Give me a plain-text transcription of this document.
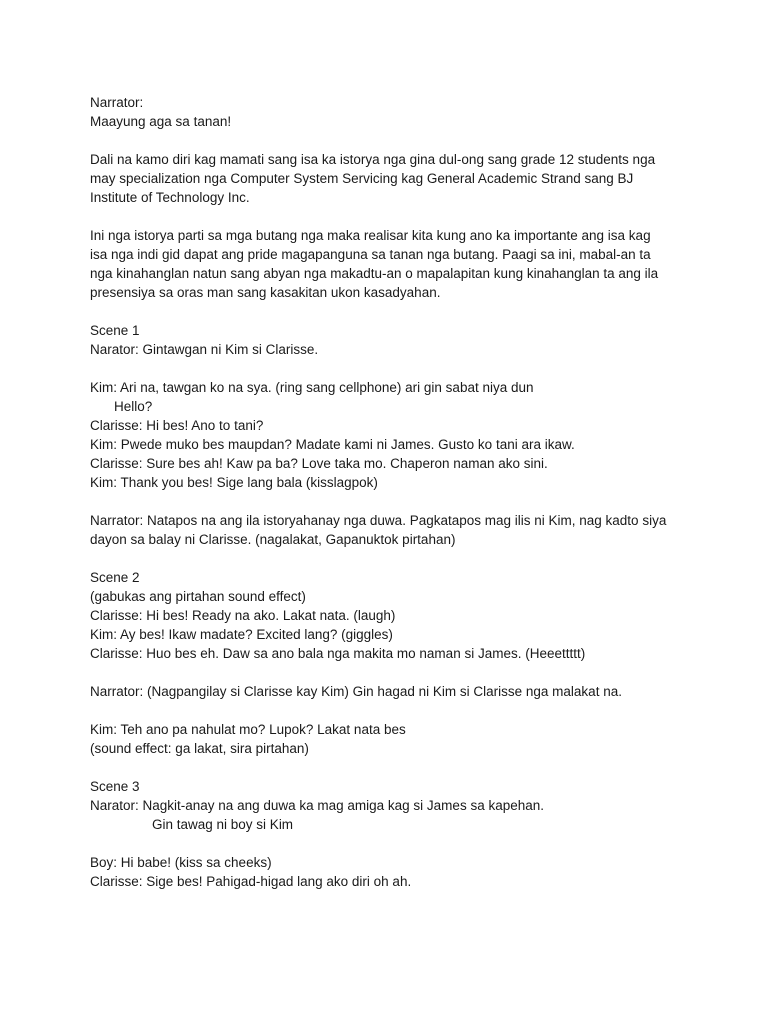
Narrator:
Maayung aga sa tanan!
Dali na kamo diri kag mamati sang isa ka istorya nga gina dul-ong sang grade 12 students nga
may specialization nga Computer System Servicing kag General Academic Strand sang BJ
Institute of Technology Inc.
Ini nga istorya parti sa mga butang nga maka realisar kita kung ano ka importante ang isa kag
isa nga indi gid dapat ang pride magapanguna sa tanan nga butang. Paagi sa ini, mabal-an ta
nga kinahanglan natun sang abyan nga makadtu-an o mapalapitan kung kinahanglan ta ang ila
presensiya sa oras man sang kasakitan ukon kasadyahan.
Scene 1
Narator: Gintawgan ni Kim si Clarisse.
Kim: Ari na, tawgan ko na sya. (ring sang cellphone) ari gin sabat niya dun
Hello?
Clarisse: Hi bes! Ano to tani?
Kim: Pwede muko bes maupdan? Madate kami ni James. Gusto ko tani ara ikaw.
Clarisse: Sure bes ah! Kaw pa ba? Love taka mo. Chaperon naman ako sini.
Kim: Thank you bes! Sige lang bala (kisslagpok)
Narrator: Natapos na ang ila istoryahanay nga duwa. Pagkatapos mag ilis ni Kim, nag kadto siya
dayon sa balay ni Clarisse. (nagalakat, Gapanuktok pirtahan)
Scene 2
(gabukas ang pirtahan sound effect)
Clarisse: Hi bes! Ready na ako. Lakat nata. (laugh)
Kim: Ay bes! Ikaw madate? Excited lang? (giggles)
Clarisse: Huo bes eh. Daw sa ano bala nga makita mo naman si James. (Heeettttt)
Narrator: (Nagpangilay si Clarisse kay Kim) Gin hagad ni Kim si Clarisse nga malakat na.
Kim: Teh ano pa nahulat mo? Lupok? Lakat nata bes
(sound effect: ga lakat, sira pirtahan)
Scene 3
Narator: Nagkit-anay na ang duwa ka mag amiga kag si James sa kapehan.
Gin tawag ni boy si Kim
Boy: Hi babe! (kiss sa cheeks)
Clarisse: Sige bes! Pahigad-higad lang ako diri oh ah.
